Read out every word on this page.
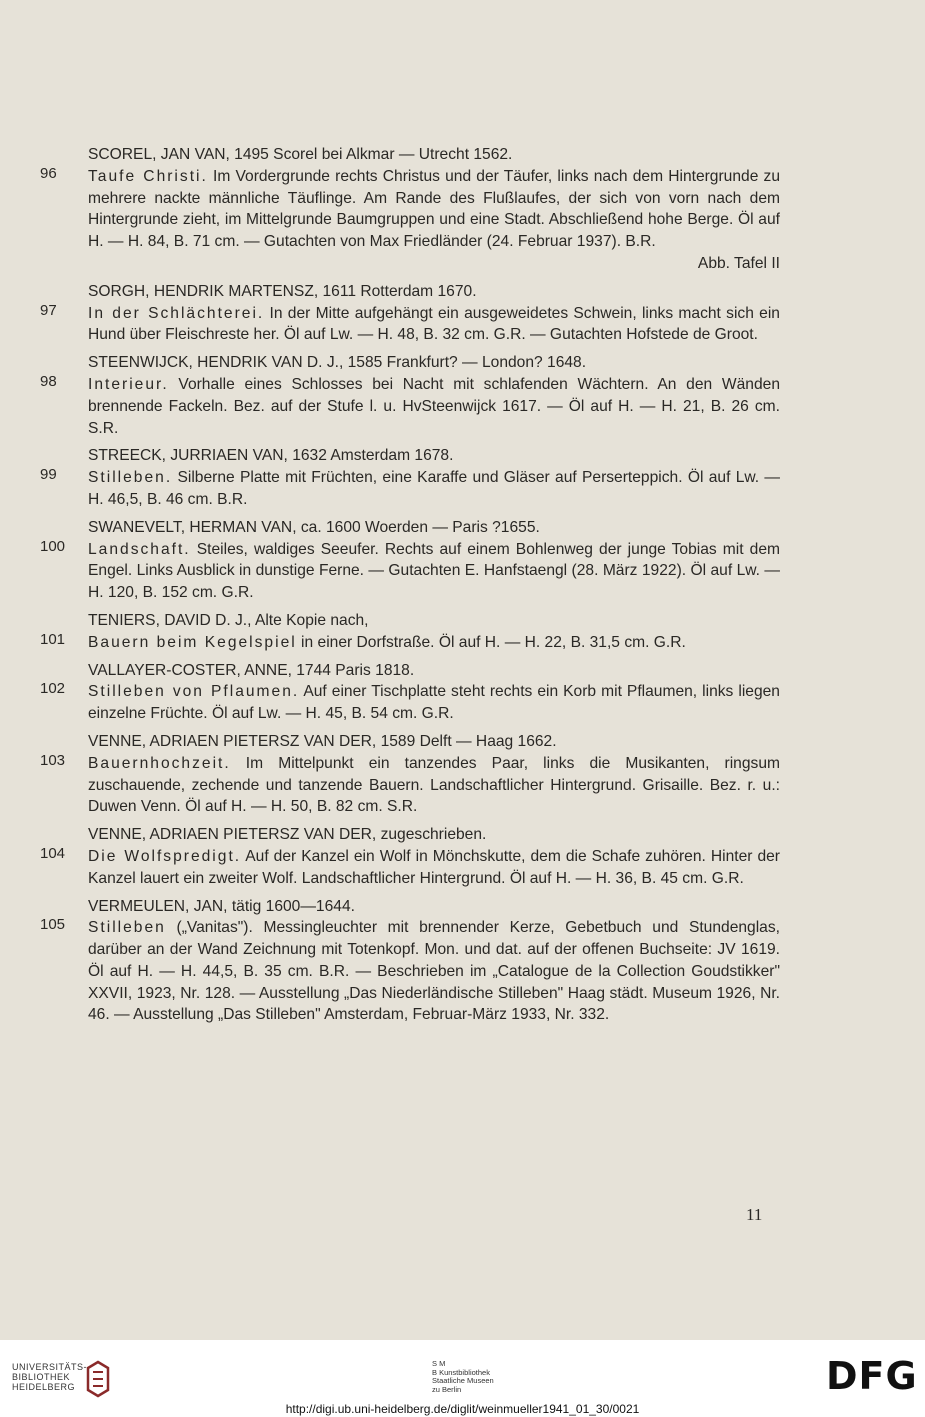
SCOREL, JAN VAN, 1495 Scorel bei Alkmar — Utrecht 1562.
96	Taufe Christi. Im Vordergrunde rechts Christus und der Täufer, links nach dem Hintergrunde zu mehrere nackte männliche Täuflinge. Am Rande des Flußlaufes, der sich von vorn nach dem Hintergrunde zieht, im Mittelgrunde Baumgruppen und eine Stadt. Abschließend hohe Berge. Öl auf H. — H. 84, B. 71 cm. — Gutachten von Max Friedländer (24. Februar 1937). B.R.
Abb. Tafel II
SORGH, HENDRIK MARTENSZ, 1611 Rotterdam 1670.
97	In der Schlächterei. In der Mitte aufgehängt ein ausgeweidetes Schwein, links macht sich ein Hund über Fleischreste her. Öl auf Lw. — H. 48, B. 32 cm. G.R. — Gutachten Hofstede de Groot.
STEENWIJCK, HENDRIK VAN D. J., 1585 Frankfurt? — London? 1648.
98	Interieur. Vorhalle eines Schlosses bei Nacht mit schlafenden Wächtern. An den Wänden brennende Fackeln. Bez. auf der Stufe l. u. HvSteenwijck 1617. — Öl auf H. — H. 21, B. 26 cm. S.R.
STREECK, JURRIAEN VAN, 1632 Amsterdam 1678.
99	Stilleben. Silberne Platte mit Früchten, eine Karaffe und Gläser auf Perserteppich. Öl auf Lw. — H. 46,5, B. 46 cm. B.R.
SWANEVELT, HERMAN VAN, ca. 1600 Woerden — Paris ?1655.
100	Landschaft. Steiles, waldiges Seeufer. Rechts auf einem Bohlenweg der junge Tobias mit dem Engel. Links Ausblick in dunstige Ferne. — Gutachten E. Hanfstaengl (28. März 1922). Öl auf Lw. — H. 120, B. 152 cm. G.R.
TENIERS, DAVID D. J., Alte Kopie nach,
101	Bauern beim Kegelspiel in einer Dorfstraße. Öl auf H. — H. 22, B. 31,5 cm. G.R.
VALLAYER-COSTER, ANNE, 1744 Paris 1818.
102	Stilleben von Pflaumen. Auf einer Tischplatte steht rechts ein Korb mit Pflaumen, links liegen einzelne Früchte. Öl auf Lw. — H. 45, B. 54 cm. G.R.
VENNE, ADRIAEN PIETERSZ VAN DER, 1589 Delft — Haag 1662.
103	Bauernhochzeit. Im Mittelpunkt ein tanzendes Paar, links die Musikanten, ringsum zuschauende, zechende und tanzende Bauern. Landschaftlicher Hintergrund. Grisaille. Bez. r. u.: Duwen Venn. Öl auf H. — H. 50, B. 82 cm. S.R.
VENNE, ADRIAEN PIETERSZ VAN DER, zugeschrieben.
104	Die Wolfspredigt. Auf der Kanzel ein Wolf in Mönchskutte, dem die Schafe zuhören. Hinter der Kanzel lauert ein zweiter Wolf. Landschaftlicher Hintergrund. Öl auf H. — H. 36, B. 45 cm. G.R.
VERMEULEN, JAN, tätig 1600—1644.
105	Stilleben („Vanitas"). Messingleuchter mit brennender Kerze, Gebetbuch und Stundenglas, darüber an der Wand Zeichnung mit Totenkopf. Mon. und dat. auf der offenen Buchseite: JV 1619. Öl auf H. — H. 44,5, B. 35 cm. B.R. — Beschrieben im „Catalogue de la Collection Goudstikker" XXVII, 1923, Nr. 128. — Ausstellung „Das Niederländische Stilleben" Haag städt. Museum 1926, Nr. 46. — Ausstellung „Das Stilleben" Amsterdam, Februar-März 1933, Nr. 332.
11
UNIVERSITÄTS-
BIBLIOTHEK
HEIDELBERG
S M
B Kunstbibliothek
Staatliche Museen
zu Berlin	DFG
http://digi.ub.uni-heidelberg.de/diglit/weinmueller1941_01_30/0021
